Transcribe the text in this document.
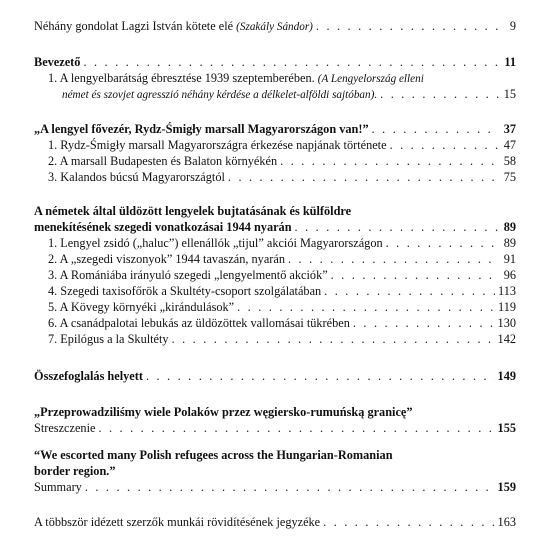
Néhány gondolat Lagzi István kötete elé (Szakály Sándor) . . .	9
Bevezető . . .	11
1. A lengyelbarátság ébresztése 1939 szeptemberében. (A Lengyelország elleni
német és szovjet agresszió néhány kérdése a délkelet-alföldi sajtóban). . . .	15
„A lengyel fővezér, Rydz-Śmigły marsall Magyarországon van!” . . .	37
1. Rydz-Śmigły marsall Magyarországra érkezése napjának története . . .	47
2. A marsall Budapesten és Balaton környékén . . .	58
3. Kalandos búcsú Magyarországtól . . .	75
A németek által üldözött lengyelek bujtatásának és külföldre
menekítésének szegedi vonatkozásai 1944 nyarán . . .	89
1. Lengyel zsidó („haluc”) ellenállók „tijul” akciói Magyarországon . . .	89
2. A „szegedi viszonyok” 1944 tavaszán, nyarán . . .	91
3. A Romániába irányuló szegedi „lengyelmentő akciók” . . .	96
4. Szegedi taxisofőrök a Skultéty-csoport szolgálatában . . .	113
5. A Kövegy környéki „kirándulások” . . .	119
6. A csanádpalotai lebukás az üldözöttek vallomásai tükrében . . .	130
7. Epilógus a la Skultéty . . .	142
Összefoglalás helyett . . .	149
„Przeprowadziliśmy wiele Polaków przez węgiersko-rumuńską granicę”
Streszczenie . . .	155
“We escorted many Polish refugees across the Hungarian-Romanian
border region.”
Summary . . .	159
A többször idézett szerzők munkái rövidítésének jegyzéke . . .	163
